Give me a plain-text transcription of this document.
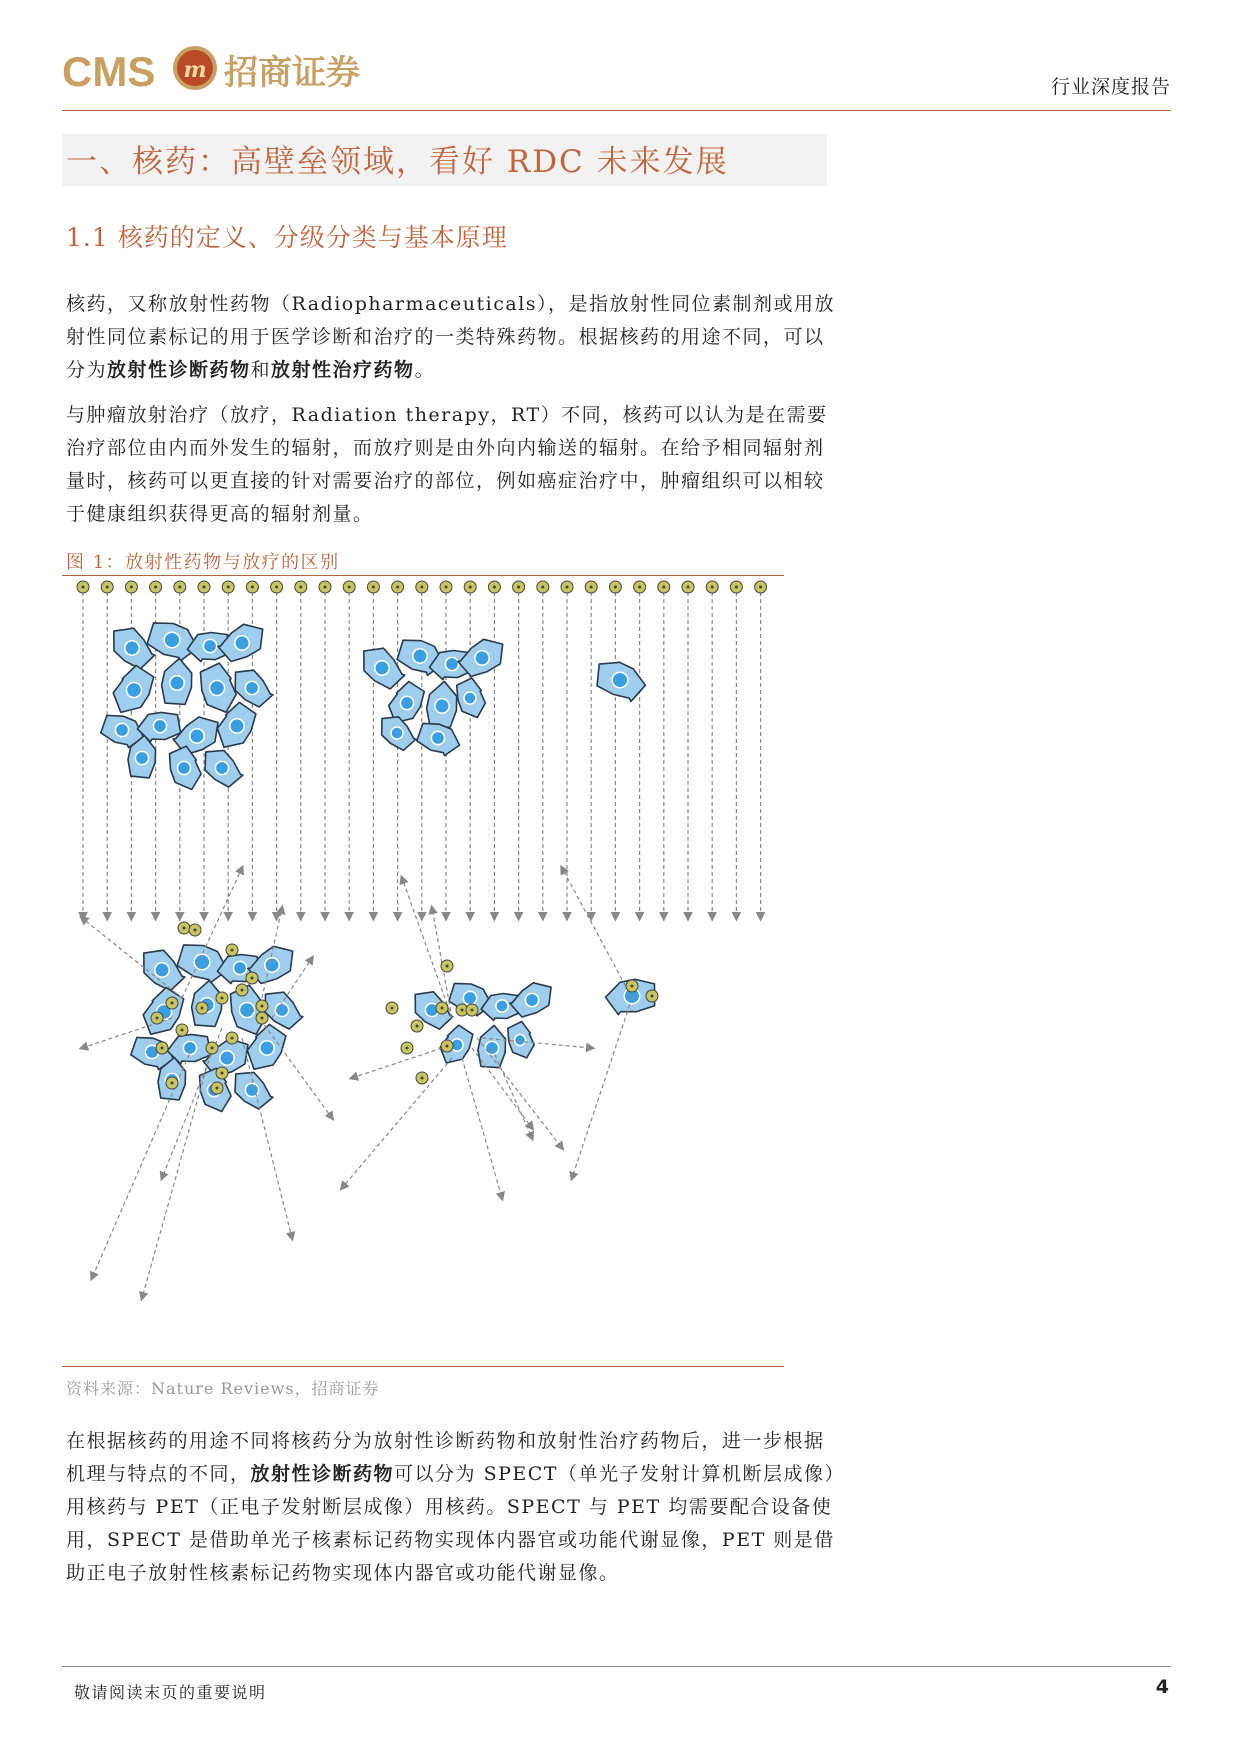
CMS m 招商证券	行业深度报告
一、核药：高壁垒领域，看好 RDC 未来发展
1.1 核药的定义、分级分类与基本原理
核药，又称放射性药物（Radiopharmaceuticals），是指放射性同位素制剂或用放射性同位素标记的用于医学诊断和治疗的一类特殊药物。根据核药的用途不同，可以分为放射性诊断药物和放射性治疗药物。
与肿瘤放射治疗（放疗，Radiation therapy，RT）不同，核药可以认为是在需要治疗部位由内而外发生的辐射，而放疗则是由外向内输送的辐射。在给予相同辐射剂量时，核药可以更直接的针对需要治疗的部位，例如癌症治疗中，肿瘤组织可以相较于健康组织获得更高的辐射剂量。
图 1：放射性药物与放疗的区别
资料来源：Nature Reviews，招商证券
在根据核药的用途不同将核药分为放射性诊断药物和放射性治疗药物后，进一步根据机理与特点的不同，放射性诊断药物可以分为 SPECT（单光子发射计算机断层成像）用核药与 PET（正电子发射断层成像）用核药。SPECT 与 PET 均需要配合设备使用，SPECT 是借助单光子核素标记药物实现体内器官或功能代谢显像，PET 则是借助正电子放射性核素标记药物实现体内器官或功能代谢显像。
敬请阅读末页的重要说明	4
